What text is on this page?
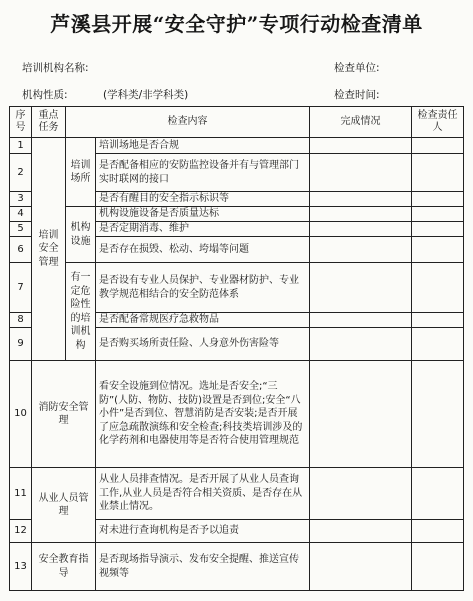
芦溪县开展“安全守护”专项行动检查清单
培训机构名称:	检查单位:
机构性质:	(学科类/非学科类)	检查时间:
序号	重点任务	检查内容		完成情况	检查责任人
1	培训安全管理	培训场所	培训场地是否合规		
2			是否配备相应的安防监控设备并有与管理部门实时联网的接口		
3			是否有醒目的安全指示标识等		
4		机构设施	机构设施设备是否质量达标		
5			是否定期消毒、维护		
6			是否存在损毁、松动、垮塌等问题		
7		有一定危险性的培训机构	是否设有专业人员保护、专业器材防护、专业教学规范相结合的安全防范体系		
8			是否配备常规医疗急救物品		
9			是否购买场所责任险、人身意外伤害险等		
10	消防安全管理		看安全设施到位情况。选址是否安全;“三防”(人防、物防、技防)设置是否到位;安全“八小件”是否到位、智慧消防是否安装;是否开展了应急疏散演练和安全检查;科技类培训涉及的化学药剂和电器使用等是否符合使用管理规范		
11	从业人员管理		从业人员排查情况。是否开展了从业人员查询工作,从业人员是否符合相关资质、是否存在从业禁止情况。		
12			对未进行查询机构是否予以追责		
13	安全教育指导		是否现场指导演示、发布安全提醒、推送宣传视频等		
